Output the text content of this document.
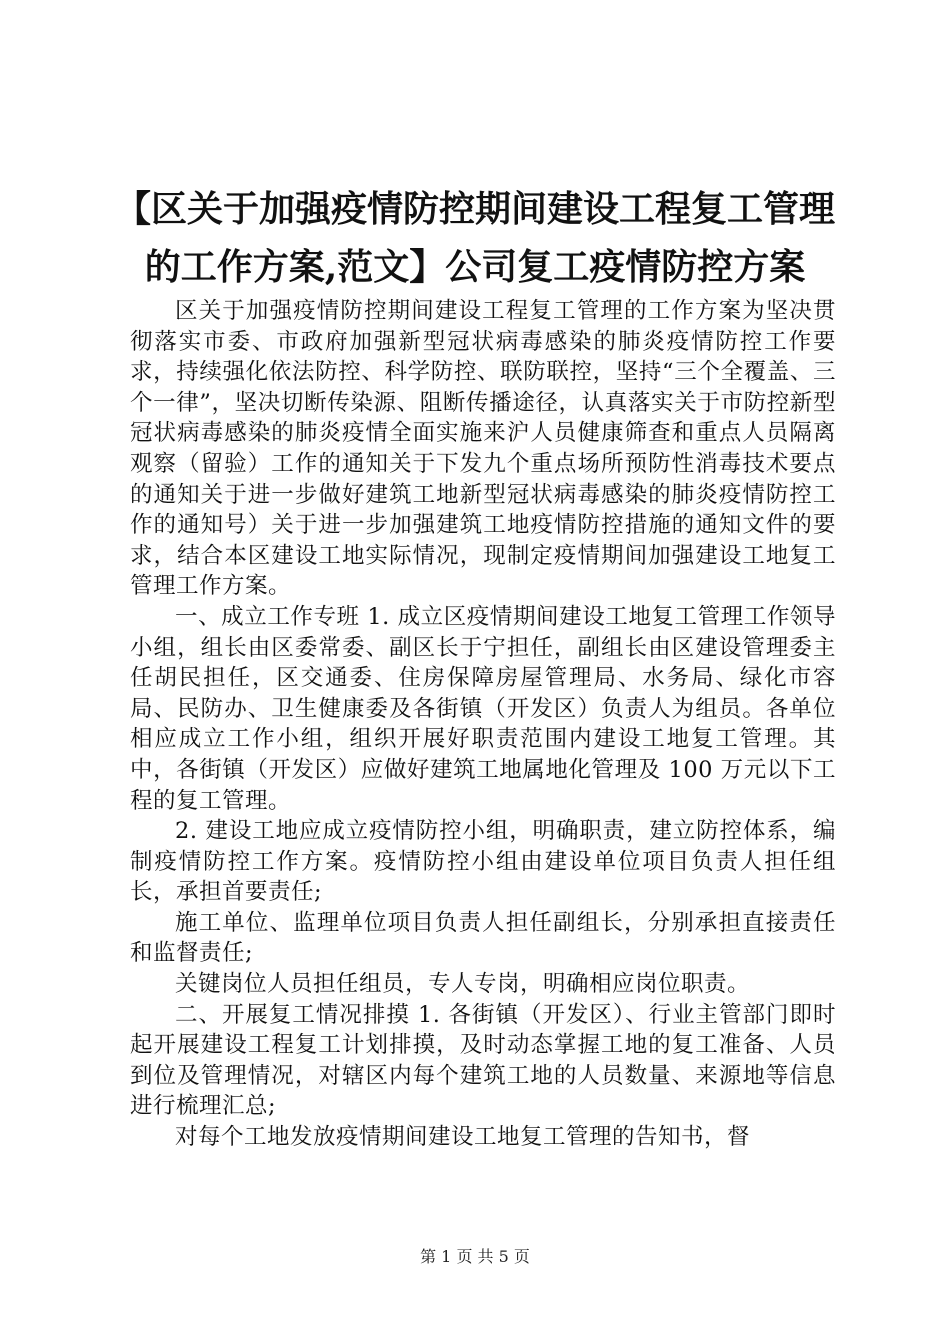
【区关于加强疫情防控期间建设工程复工管理的工作方案,范文】公司复工疫情防控方案

区关于加强疫情防控期间建设工程复工管理的工作方案为坚决贯彻落实市委、市政府加强新型冠状病毒感染的肺炎疫情防控工作要求，持续强化依法防控、科学防控、联防联控，坚持“三个全覆盖、三个一律”，坚决切断传染源、阻断传播途径，认真落实关于市防控新型冠状病毒感染的肺炎疫情全面实施来沪人员健康筛查和重点人员隔离观察（留验）工作的通知关于下发九个重点场所预防性消毒技术要点的通知关于进一步做好建筑工地新型冠状病毒感染的肺炎疫情防控工作的通知号）关于进一步加强建筑工地疫情防控措施的通知文件的要求，结合本区建设工地实际情况，现制定疫情期间加强建设工地复工管理工作方案。

一、成立工作专班 1. 成立区疫情期间建设工地复工管理工作领导小组，组长由区委常委、副区长于宁担任，副组长由区建设管理委主任胡民担任，区交通委、住房保障房屋管理局、水务局、绿化市容局、民防办、卫生健康委及各街镇（开发区）负责人为组员。各单位相应成立工作小组，组织开展好职责范围内建设工地复工管理。其中，各街镇（开发区）应做好建筑工地属地化管理及 100 万元以下工程的复工管理。

2. 建设工地应成立疫情防控小组，明确职责，建立防控体系，编制疫情防控工作方案。疫情防控小组由建设单位项目负责人担任组长，承担首要责任;

施工单位、监理单位项目负责人担任副组长，分别承担直接责任和监督责任;

关键岗位人员担任组员，专人专岗，明确相应岗位职责。

二、开展复工情况排摸 1. 各街镇（开发区）、行业主管部门即时起开展建设工程复工计划排摸，及时动态掌握工地的复工准备、人员到位及管理情况，对辖区内每个建筑工地的人员数量、来源地等信息进行梳理汇总;

对每个工地发放疫情期间建设工地复工管理的告知书，督

第 1 页 共 5 页
